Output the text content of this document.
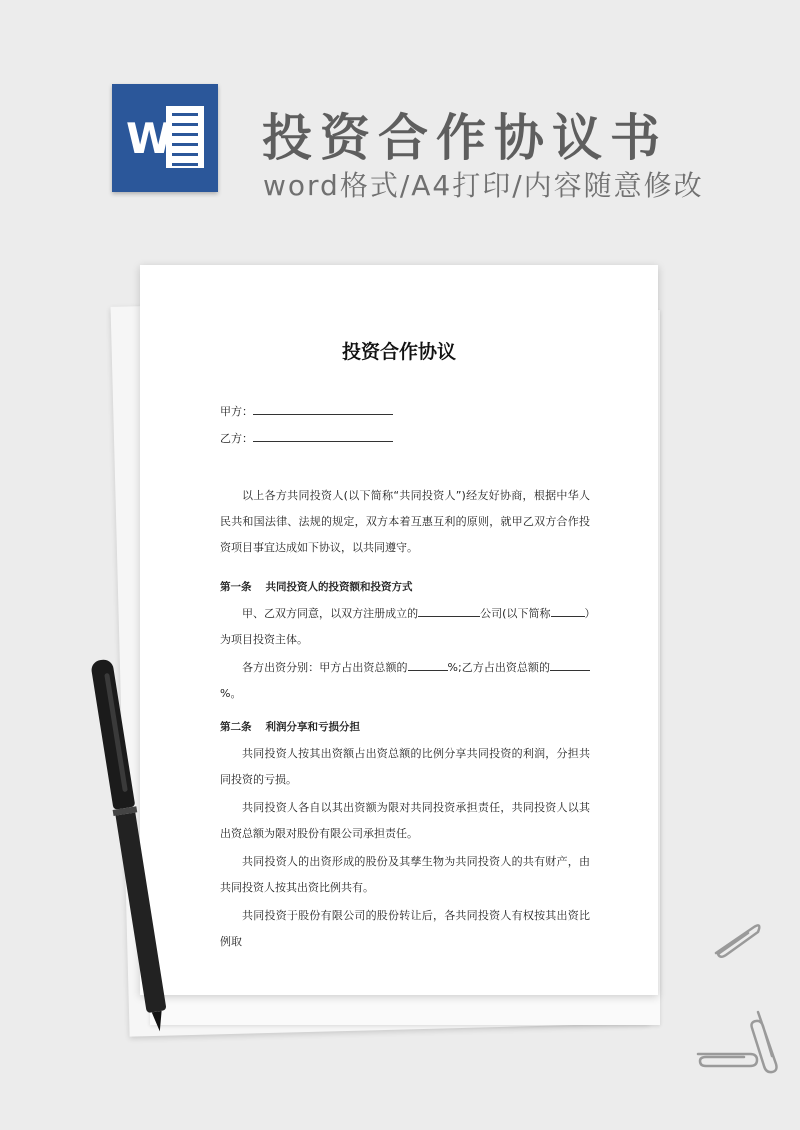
W 投资合作协议书
word格式/A4打印/内容随意修改
投资合作协议
甲方：
乙方：
以上各方共同投资人(以下简称“共同投资人”)经友好协商，根据中华人民共和国法律、法规的规定，双方本着互惠互利的原则，就甲乙双方合作投资项目事宜达成如下协议，以共同遵守。
第一条 共同投资人的投资额和投资方式
甲、乙双方同意，以双方注册成立的	公司(以下简称	）为项目投资主体。
各方出资分别：甲方占出资总额的	%;乙方占出资总额的%。
第二条 利润分享和亏损分担
共同投资人按其出资额占出资总额的比例分享共同投资的利润，分担共同投资的亏损。
共同投资人各自以其出资额为限对共同投资承担责任，共同投资人以其出资总额为限对股份有限公司承担责任。
共同投资人的出资形成的股份及其孳生物为共同投资人的共有财产，由共同投资人按其出资比例共有。
共同投资于股份有限公司的股份转让后，各共同投资人有权按其出资比例取
